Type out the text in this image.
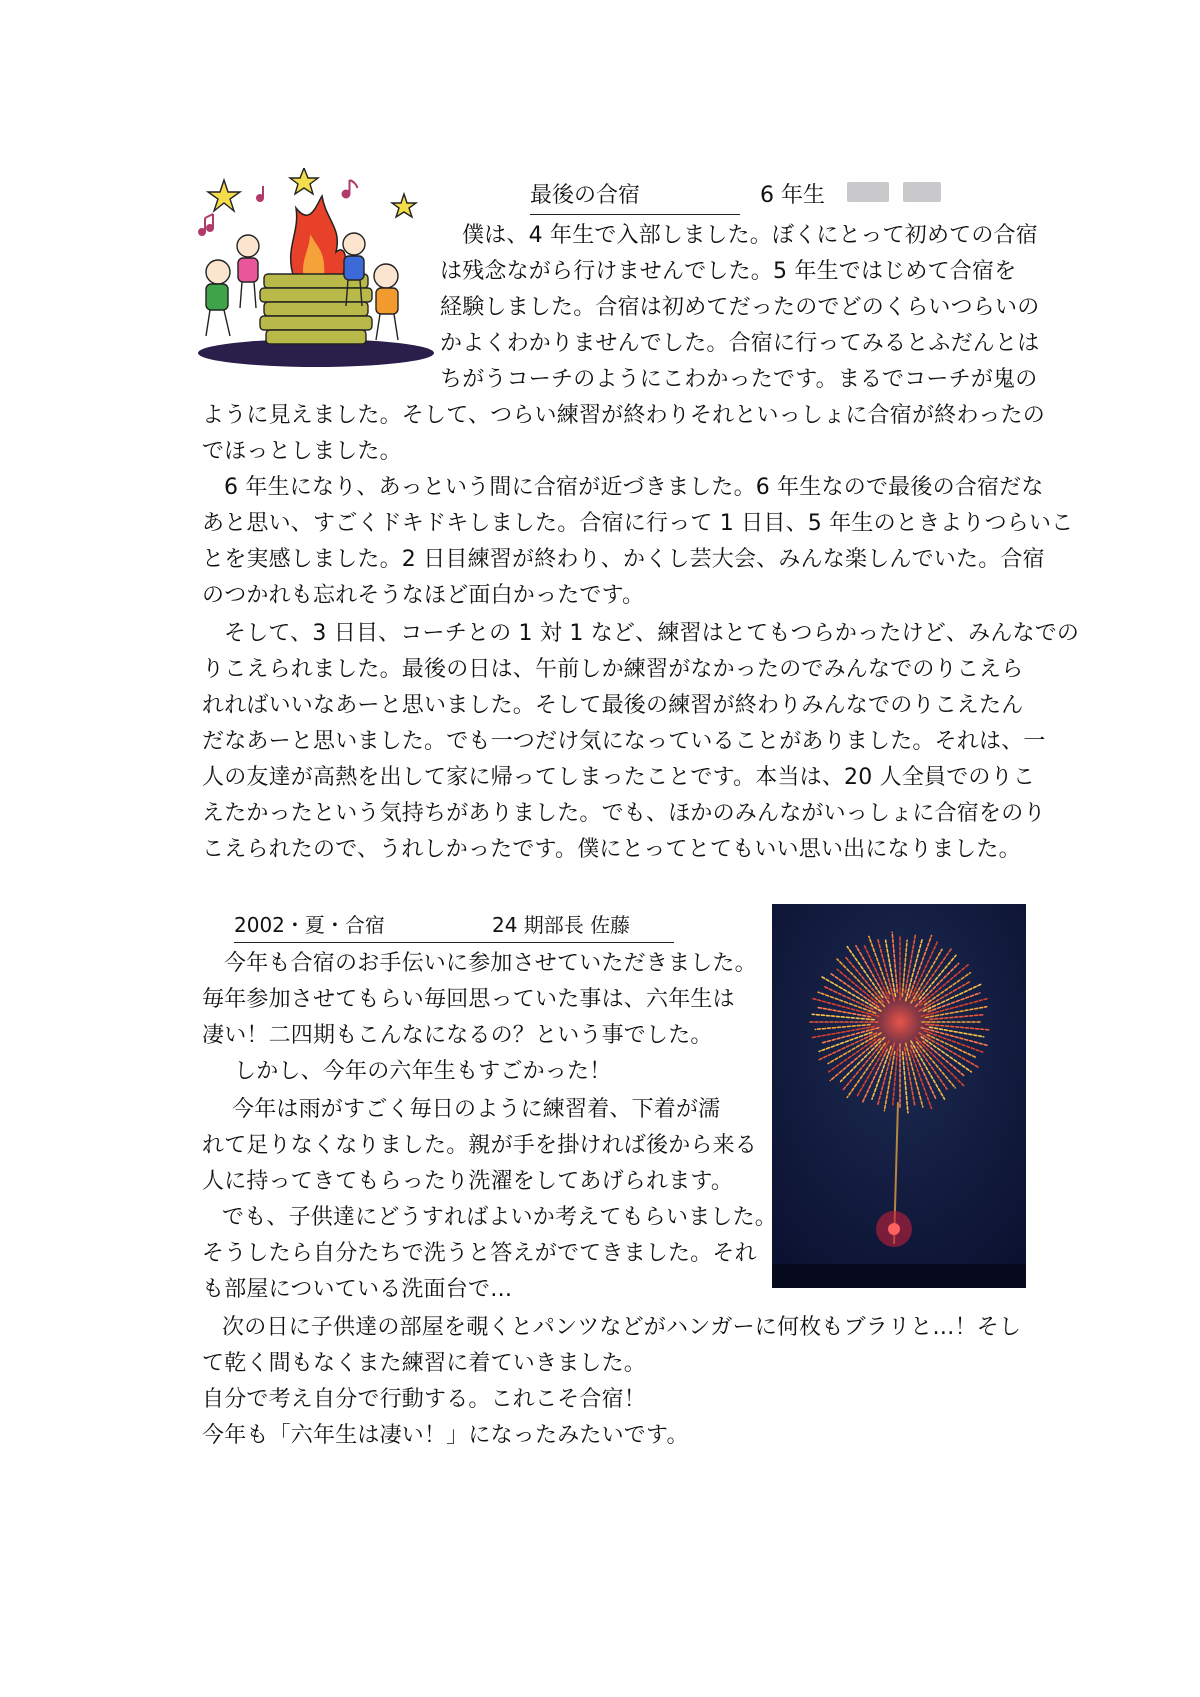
最後の合宿	6 年生
僕は、4 年生で入部しました。ぼくにとって初めての合宿
は残念ながら行けませんでした。5 年生ではじめて合宿を
経験しました。合宿は初めてだったのでどのくらいつらいの
かよくわかりませんでした。合宿に行ってみるとふだんとは
ちがうコーチのようにこわかったです。まるでコーチが鬼の
ように見えました。そして、つらい練習が終わりそれといっしょに合宿が終わったの
でほっとしました。
6 年生になり、あっという間に合宿が近づきました。6 年生なので最後の合宿だな
あと思い、すごくドキドキしました。合宿に行って 1 日目、5 年生のときよりつらいこ
とを実感しました。2 日目練習が終わり、かくし芸大会、みんな楽しんでいた。合宿
のつかれも忘れそうなほど面白かったです。
そして、3 日目、コーチとの 1 対 1 など、練習はとてもつらかったけど、みんなでの
りこえられました。最後の日は、午前しか練習がなかったのでみんなでのりこえら
れればいいなあーと思いました。そして最後の練習が終わりみんなでのりこえたん
だなあーと思いました。でも一つだけ気になっていることがありました。それは、一
人の友達が高熱を出して家に帰ってしまったことです。本当は、20 人全員でのりこ
えたかったという気持ちがありました。でも、ほかのみんながいっしょに合宿をのり
こえられたので、うれしかったです。僕にとってとてもいい思い出になりました。
2002・夏・合宿	24 期部長 佐藤
今年も合宿のお手伝いに参加させていただきました。
毎年参加させてもらい毎回思っていた事は、六年生は
凄い！二四期もこんなになるの？という事でした。
しかし、今年の六年生もすごかった！
今年は雨がすごく毎日のように練習着、下着が濡
れて足りなくなりました。親が手を掛ければ後から来る
人に持ってきてもらったり洗濯をしてあげられます。
でも、子供達にどうすればよいか考えてもらいました。
そうしたら自分たちで洗うと答えがでてきました。それ
も部屋についている洗面台で…
次の日に子供達の部屋を覗くとパンツなどがハンガーに何枚もブラリと…！そし
て乾く間もなくまた練習に着ていきました。
自分で考え自分で行動する。これこそ合宿！
今年も「六年生は凄い！」になったみたいです。
